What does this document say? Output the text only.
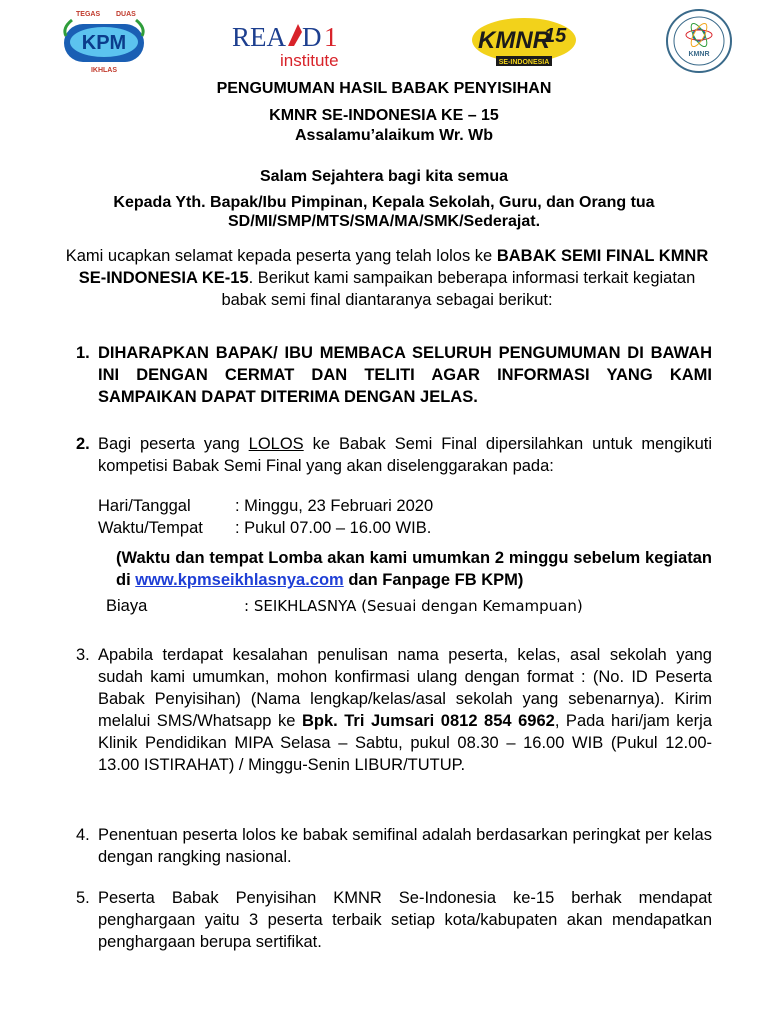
KPM
TEGAS DUAS
IKHLAS
REA D 1
institute
KMNR
15
SE-INDONESIA
KMNR
PENGUMUMAN HASIL BABAK PENYISIHAN
KMNR SE-INDONESIA KE – 15
Assalamu’alaikum Wr. Wb
Salam Sejahtera bagi kita semua
Kepada Yth. Bapak/Ibu Pimpinan, Kepala Sekolah, Guru, dan Orang tua
SD/MI/SMP/MTS/SMA/MA/SMK/Sederajat.

Kami ucapkan selamat kepada peserta yang telah lolos ke BABAK SEMI FINAL KMNR SE-INDONESIA KE-15. Berikut kami sampaikan beberapa informasi terkait kegiatan babak semi final diantaranya sebagai berikut:

1. DIHARAPKAN BAPAK/ IBU MEMBACA SELURUH PENGUMUMAN DI BAWAH INI DENGAN CERMAT DAN TELITI AGAR INFORMASI YANG KAMI SAMPAIKAN DAPAT DITERIMA DENGAN JELAS.

2. Bagi peserta yang LOLOS ke Babak Semi Final dipersilahkan untuk mengikuti kompetisi Babak Semi Final yang akan diselenggarakan pada:

Hari/Tanggal	: Minggu, 23 Februari 2020
Waktu/Tempat : Pukul 07.00 – 16.00 WIB.

(Waktu dan tempat Lomba akan kami umumkan 2 minggu sebelum kegiatan di www.kpmseikhlasnya.com dan Fanpage FB KPM)

Biaya	: SEIKHLASNYA (Sesuai dengan Kemampuan)
3. Apabila terdapat kesalahan penulisan nama peserta, kelas, asal sekolah yang sudah kami umumkan, mohon konfirmasi ulang dengan format : (No. ID Peserta Babak Penyisihan) (Nama lengkap/kelas/asal sekolah yang sebenarnya). Kirim melalui SMS/Whatsapp ke Bpk. Tri Jumsari 0812 854 6962, Pada hari/jam kerja Klinik Pendidikan MIPA Selasa – Sabtu, pukul 08.30 – 16.00 WIB (Pukul 12.00-13.00 ISTIRAHAT) / Minggu-Senin LIBUR/TUTUP.

4. Penentuan peserta lolos ke babak semifinal adalah berdasarkan peringkat per kelas dengan rangking nasional.

5. Peserta Babak Penyisihan KMNR Se-Indonesia ke-15 berhak mendapat penghargaan yaitu 3 peserta terbaik setiap kota/kabupaten akan mendapatkan penghargaan berupa sertifikat.
